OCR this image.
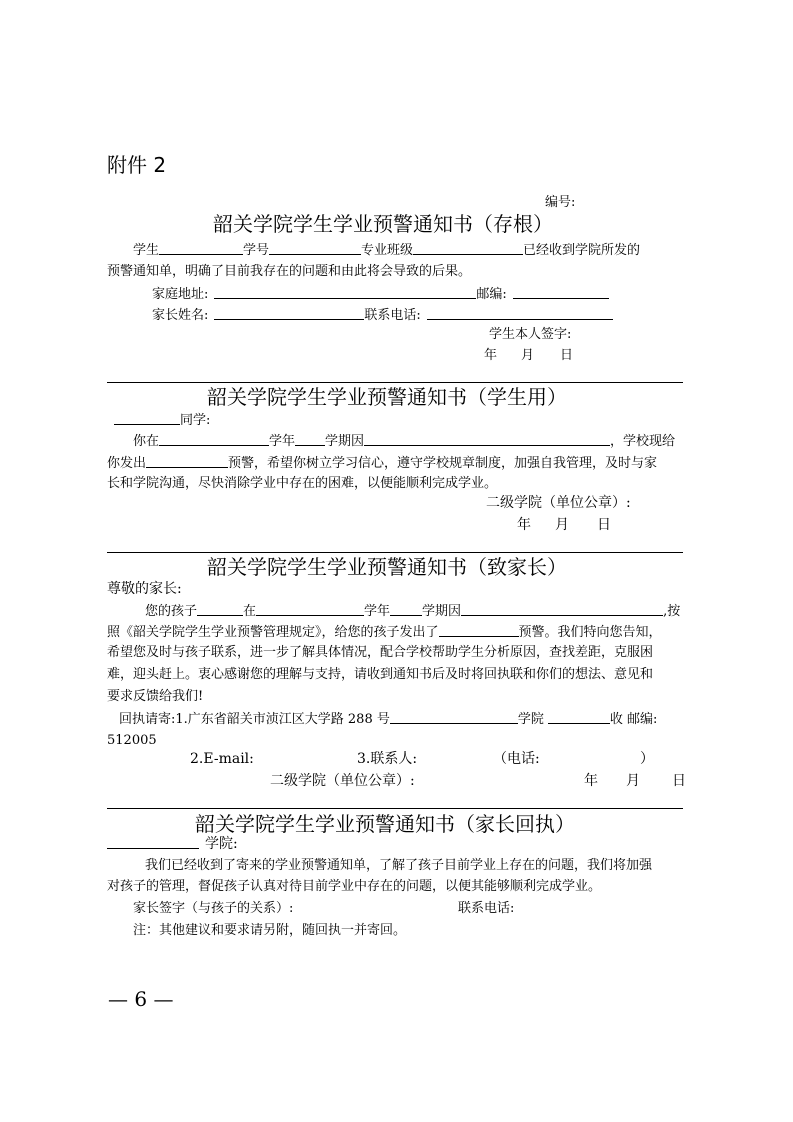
附件 2
编号:
韶关学院学生学业预警通知书（存根）
学生	学号	专业班级	已经收到学院所发的
预警通知单，明确了目前我存在的问题和由此将会导致的后果。
家庭地址:	邮编:
家长姓名:	联系电话:
学生本人签字:
年 月 日
韶关学院学生学业预警通知书（学生用）
同学:
你在	学年 学期因	，学校现给
你发出	预警，希望你树立学习信心，遵守学校规章制度，加强自我管理，及时与家
长和学院沟通，尽快消除学业中存在的困难，以便能顺利完成学业。
二级学院（单位公章）:
年 月 日
韶关学院学生学业预警通知书（致家长）
尊敬的家长:
您的孩子	在	学年 学期因	,按
照《韶关学院学生学业预警管理规定》，给您的孩子发出了	预警。我们特向您告知，
希望您及时与孩子联系，进一步了解具体情况，配合学校帮助学生分析原因，查找差距，克服困
难，迎头赶上。衷心感谢您的理解与支持，请收到通知书后及时将回执联和你们的想法、意见和
要求反馈给我们!
回执请寄:1.广东省韶关市浈江区大学路 288 号	学院	收 邮编:
512005
2.E-mail:	3.联系人:	（电话:	）
二级学院（单位公章）:	年 月 日
韶关学院学生学业预警通知书（家长回执）
学院:
我们已经收到了寄来的学业预警通知单，了解了孩子目前学业上存在的问题，我们将加强
对孩子的管理，督促孩子认真对待目前学业中存在的问题，以便其能够顺利完成学业。
家长签字（与孩子的关系）:	联系电话:
注：其他建议和要求请另附，随回执一并寄回。
— 6 —
